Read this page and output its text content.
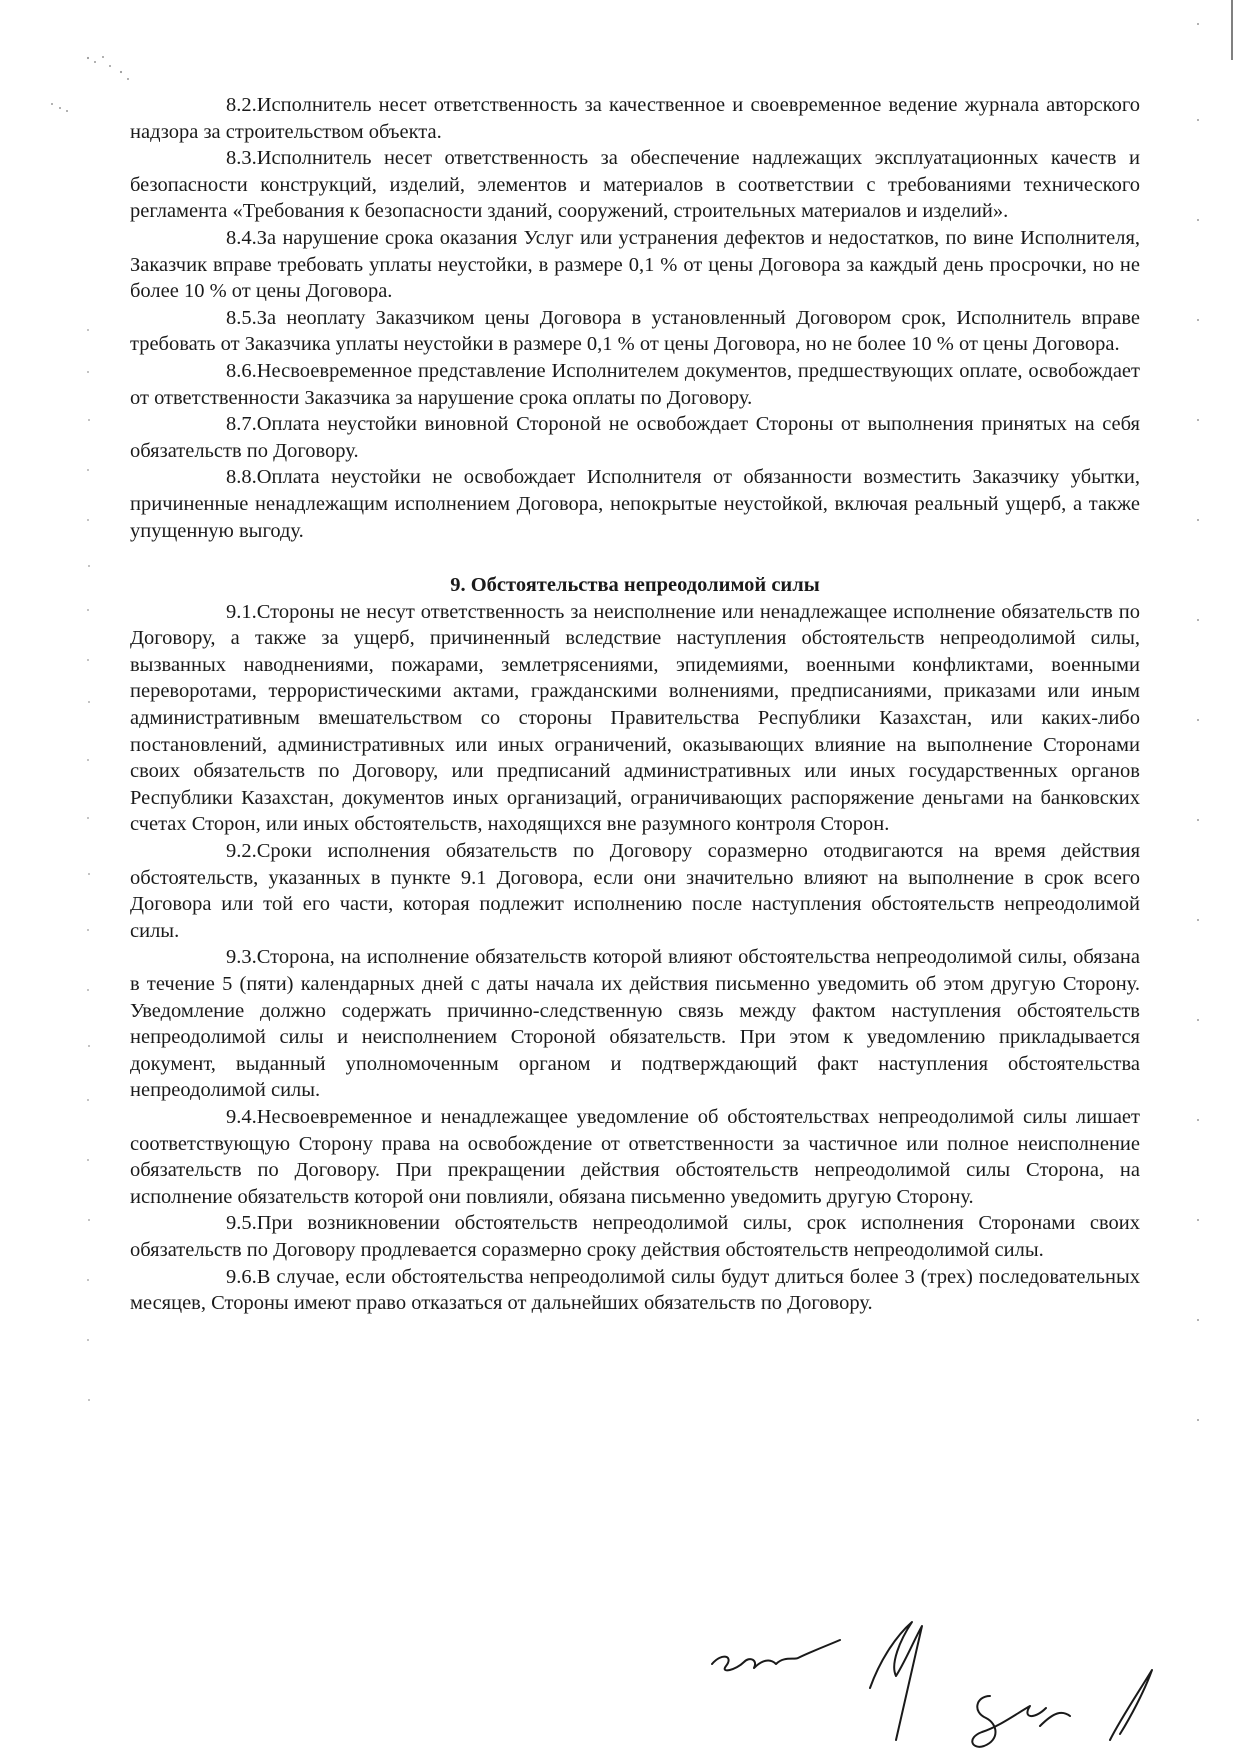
8.2.Исполнитель несет ответственность за качественное и своевременное ведение журнала авторского надзора за строительством объекта.

8.3.Исполнитель несет ответственность за обеспечение надлежащих эксплуатационных качеств и безопасности конструкций, изделий, элементов и материалов в соответствии с требованиями технического регламента «Требования к безопасности зданий, сооружений, строительных материалов и изделий».

8.4.За нарушение срока оказания Услуг или устранения дефектов и недостатков, по вине Исполнителя, Заказчик вправе требовать уплаты неустойки, в размере 0,1 % от цены Договора за каждый день просрочки, но не более 10 % от цены Договора.

8.5.За неоплату Заказчиком цены Договора в установленный Договором срок, Исполнитель вправе требовать от Заказчика уплаты неустойки в размере 0,1 % от цены Договора, но не более 10 % от цены Договора.

8.6.Несвоевременное представление Исполнителем документов, предшествующих оплате, освобождает от ответственности Заказчика за нарушение срока оплаты по Договору.

8.7.Оплата неустойки виновной Стороной не освобождает Стороны от выполнения принятых на себя обязательств по Договору.

8.8.Оплата неустойки не освобождает Исполнителя от обязанности возместить Заказчику убытки, причиненные ненадлежащим исполнением Договора, непокрытые неустойкой, включая реальный ущерб, а также упущенную выгоду.

9. Обстоятельства непреодолимой силы

9.1.Стороны не несут ответственность за неисполнение или ненадлежащее исполнение обязательств по Договору, а также за ущерб, причиненный вследствие наступления обстоятельств непреодолимой силы, вызванных наводнениями, пожарами, землетрясениями, эпидемиями, военными конфликтами, военными переворотами, террористическими актами, гражданскими волнениями, предписаниями, приказами или иным административным вмешательством со стороны Правительства Республики Казахстан, или каких-либо постановлений, административных или иных ограничений, оказывающих влияние на выполнение Сторонами своих обязательств по Договору, или предписаний административных или иных государственных органов Республики Казахстан, документов иных организаций, ограничивающих распоряжение деньгами на банковских счетах Сторон, или иных обстоятельств, находящихся вне разумного контроля Сторон.

9.2.Сроки исполнения обязательств по Договору соразмерно отодвигаются на время действия обстоятельств, указанных в пункте 9.1 Договора, если они значительно влияют на выполнение в срок всего Договора или той его части, которая подлежит исполнению после наступления обстоятельств непреодолимой силы.

9.3.Сторона, на исполнение обязательств которой влияют обстоятельства непреодолимой силы, обязана в течение 5 (пяти) календарных дней с даты начала их действия письменно уведомить об этом другую Сторону. Уведомление должно содержать причинно-следственную связь между фактом наступления обстоятельств непреодолимой силы и неисполнением Стороной обязательств. При этом к уведомлению прикладывается документ, выданный уполномоченным органом и подтверждающий факт наступления обстоятельства непреодолимой силы.

9.4.Несвоевременное и ненадлежащее уведомление об обстоятельствах непреодолимой силы лишает соответствующую Сторону права на освобождение от ответственности за частичное или полное неисполнение обязательств по Договору. При прекращении действия обстоятельств непреодолимой силы Сторона, на исполнение обязательств которой они повлияли, обязана письменно уведомить другую Сторону.

9.5.При возникновении обстоятельств непреодолимой силы, срок исполнения Сторонами своих обязательств по Договору продлевается соразмерно сроку действия обстоятельств непреодолимой силы.

9.6.В случае, если обстоятельства непреодолимой силы будут длиться более 3 (трех) последовательных месяцев, Стороны имеют право отказаться от дальнейших обязательств по Договору.
